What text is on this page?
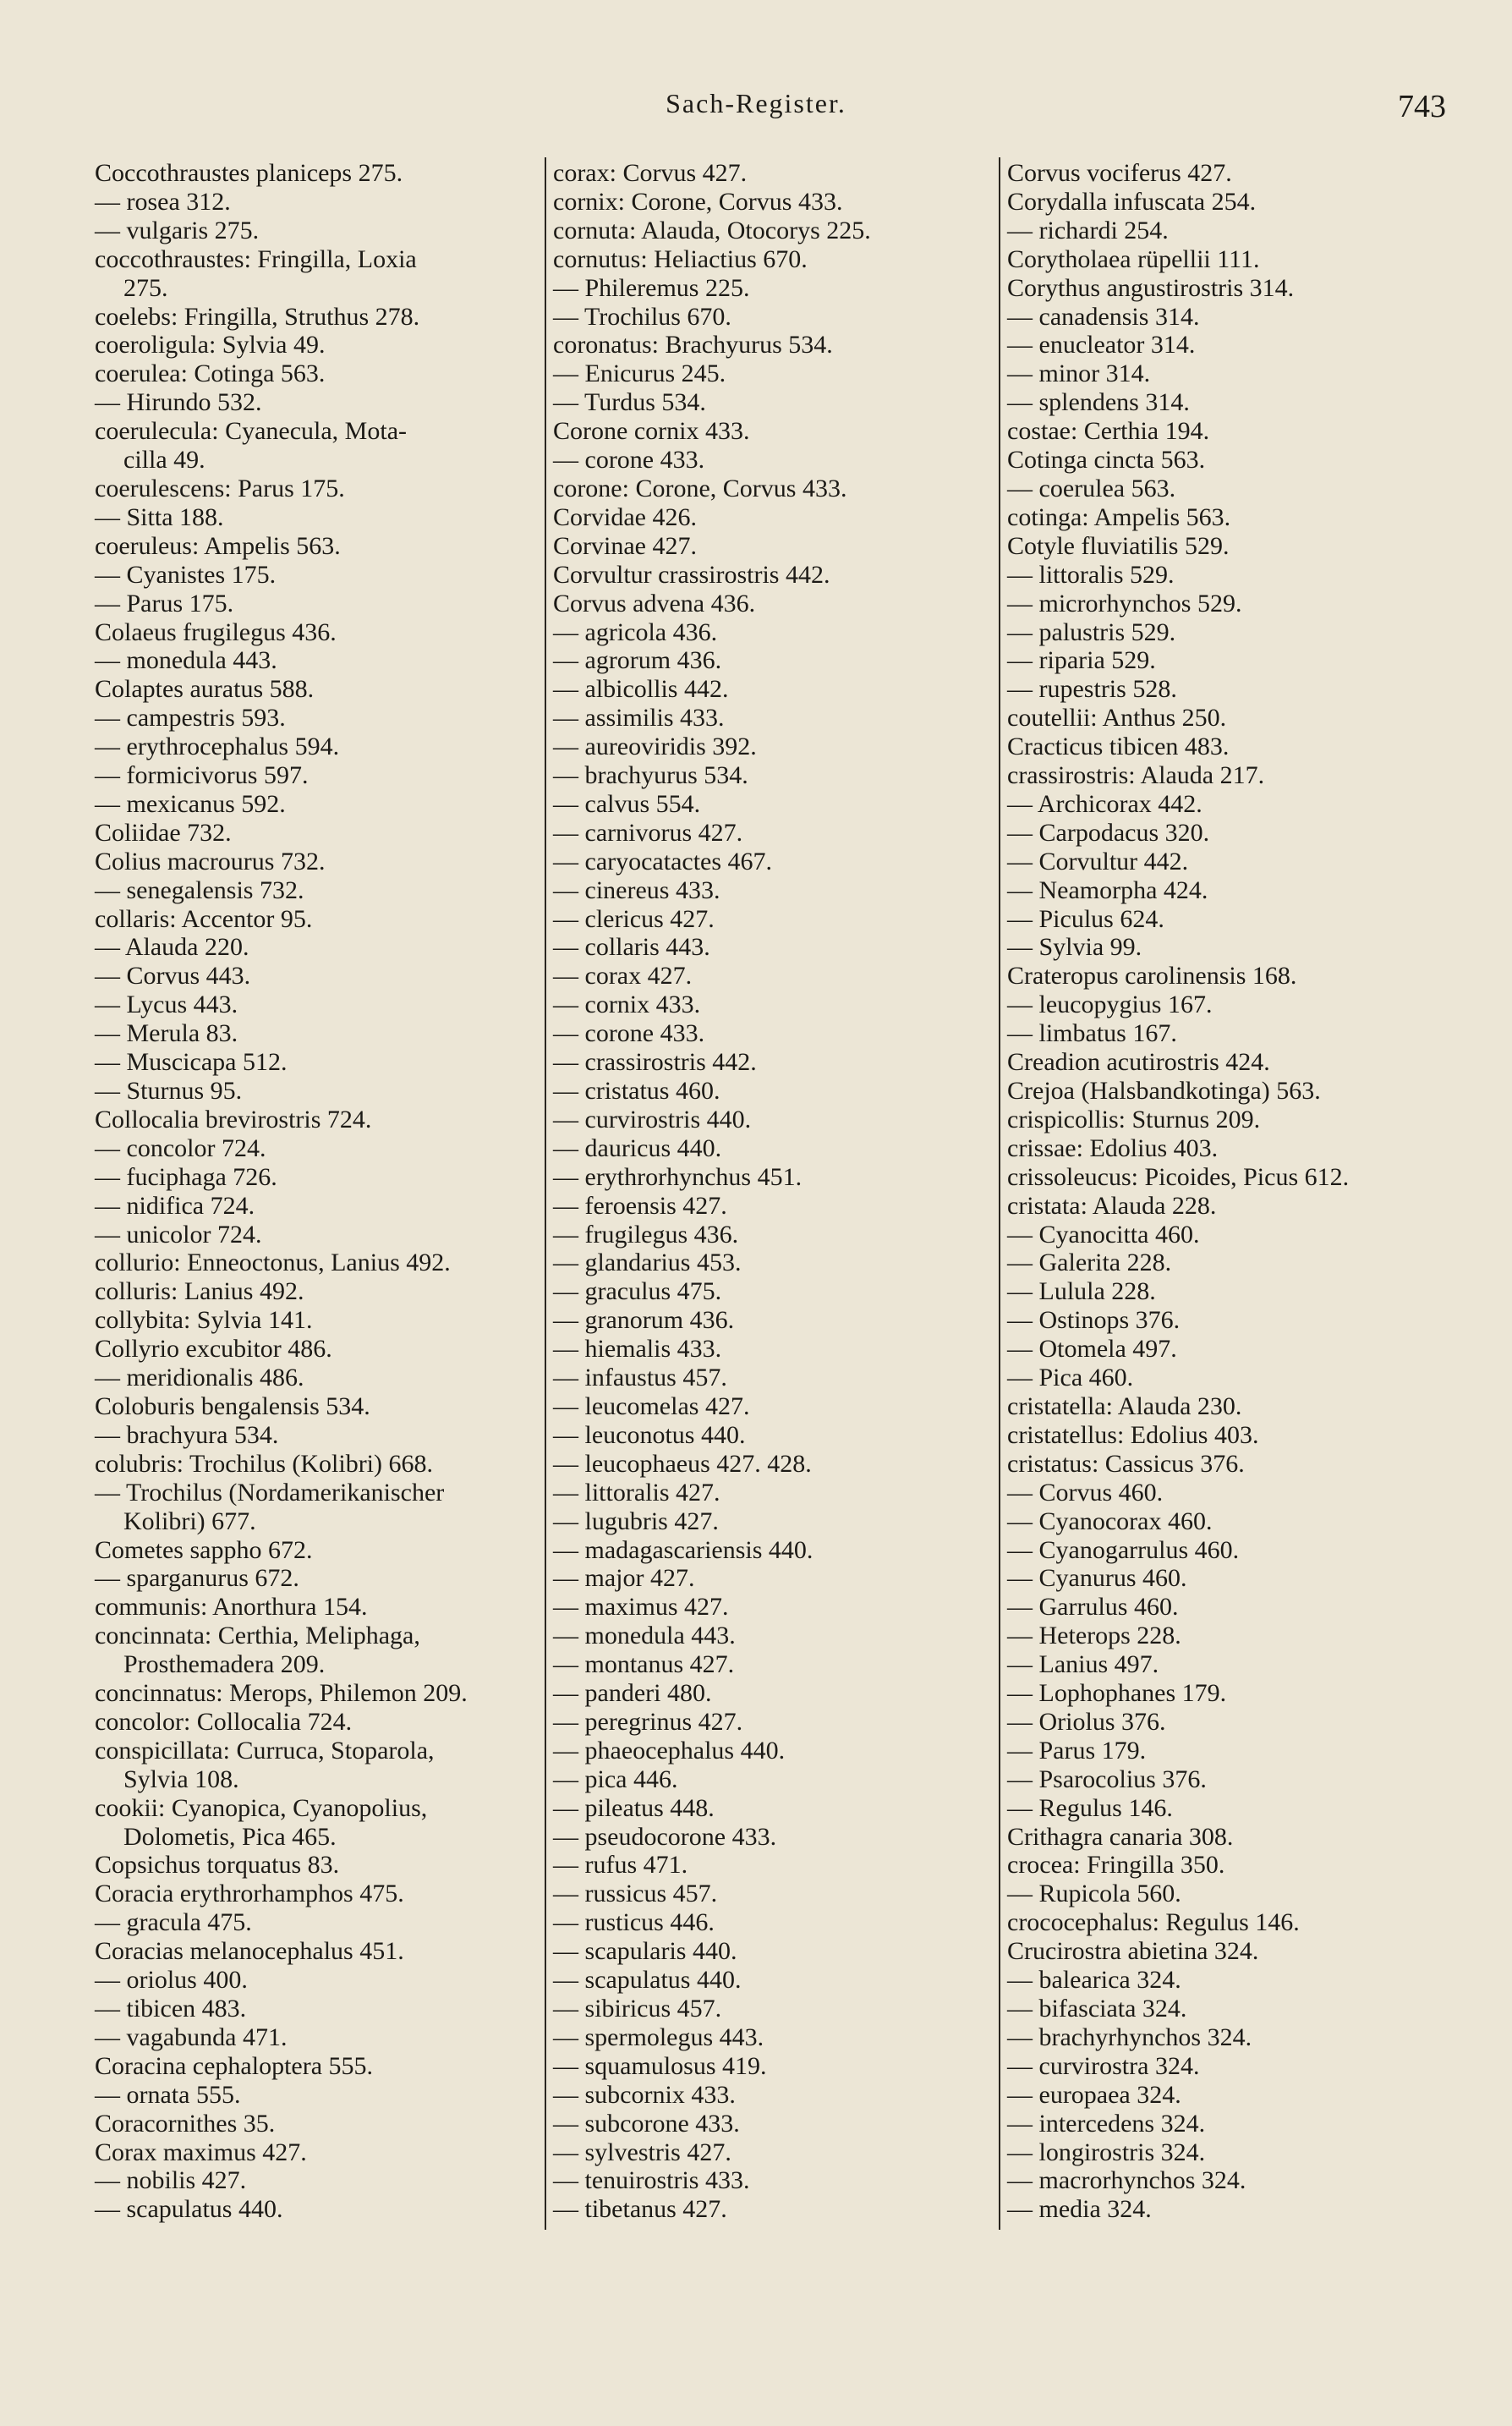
Sach-Register.	743
Coccothraustes planiceps 275.
— rosea 312.
— vulgaris 275.
coccothraustes: Fringilla, Loxia
275.
coelebs: Fringilla, Struthus 278.
coeroligula: Sylvia 49.
coerulea: Cotinga 563.
— Hirundo 532.
coerulecula: Cyanecula, Mota-
cilla 49.
coerulescens: Parus 175.
— Sitta 188.
coeruleus: Ampelis 563.
— Cyanistes 175.
— Parus 175.
Colaeus frugilegus 436.
— monedula 443.
Colaptes auratus 588.
— campestris 593.
— erythrocephalus 594.
— formicivorus 597.
— mexicanus 592.
Coliidae 732.
Colius macrourus 732.
— senegalensis 732.
collaris: Accentor 95.
— Alauda 220.
— Corvus 443.
— Lycus 443.
— Merula 83.
— Muscicapa 512.
— Sturnus 95.
Collocalia brevirostris 724.
— concolor 724.
— fuciphaga 726.
— nidifica 724.
— unicolor 724.
collurio: Enneoctonus, Lanius 492.
colluris: Lanius 492.
collybita: Sylvia 141.
Collyrio excubitor 486.
— meridionalis 486.
Coloburis bengalensis 534.
— brachyura 534.
colubris: Trochilus (Kolibri) 668.
— Trochilus (Nordamerikanischer
Kolibri) 677.
Cometes sappho 672.
— sparganurus 672.
communis: Anorthura 154.
concinnata: Certhia, Meliphaga,
Prosthemadera 209.
concinnatus: Merops, Philemon 209.
concolor: Collocalia 724.
conspicillata: Curruca, Stoparola,
Sylvia 108.
cookii: Cyanopica, Cyanopolius,
Dolometis, Pica 465.
Copsichus torquatus 83.
Coracia erythrorhamphos 475.
— gracula 475.
Coracias melanocephalus 451.
— oriolus 400.
— tibicen 483.
— vagabunda 471.
Coracina cephaloptera 555.
— ornata 555.
Coracornithes 35.
Corax maximus 427.
— nobilis 427.
— scapulatus 440.
corax: Corvus 427.
cornix: Corone, Corvus 433.
cornuta: Alauda, Otocorys 225.
cornutus: Heliactius 670.
— Phileremus 225.
— Trochilus 670.
coronatus: Brachyurus 534.
— Enicurus 245.
— Turdus 534.
Corone cornix 433.
— corone 433.
corone: Corone, Corvus 433.
Corvidae 426.
Corvinae 427.
Corvultur crassirostris 442.
Corvus advena 436.
— agricola 436.
— agrorum 436.
— albicollis 442.
— assimilis 433.
— aureoviridis 392.
— brachyurus 534.
— calvus 554.
— carnivorus 427.
— caryocatactes 467.
— cinereus 433.
— clericus 427.
— collaris 443.
— corax 427.
— cornix 433.
— corone 433.
— crassirostris 442.
— cristatus 460.
— curvirostris 440.
— dauricus 440.
— erythrorhynchus 451.
— feroensis 427.
— frugilegus 436.
— glandarius 453.
— graculus 475.
— granorum 436.
— hiemalis 433.
— infaustus 457.
— leucomelas 427.
— leuconotus 440.
— leucophaeus 427. 428.
— littoralis 427.
— lugubris 427.
— madagascariensis 440.
— major 427.
— maximus 427.
— monedula 443.
— montanus 427.
— panderi 480.
— peregrinus 427.
— phaeocephalus 440.
— pica 446.
— pileatus 448.
— pseudocorone 433.
— rufus 471.
— russicus 457.
— rusticus 446.
— scapularis 440.
— scapulatus 440.
— sibiricus 457.
— spermolegus 443.
— squamulosus 419.
— subcornix 433.
— subcorone 433.
— sylvestris 427.
— tenuirostris 433.
— tibetanus 427.
Corvus vociferus 427.
Corydalla infuscata 254.
— richardi 254.
Corytholaea rüpellii 111.
Corythus angustirostris 314.
— canadensis 314.
— enucleator 314.
— minor 314.
— splendens 314.
costae: Certhia 194.
Cotinga cincta 563.
— coerulea 563.
cotinga: Ampelis 563.
Cotyle fluviatilis 529.
— littoralis 529.
— microrhynchos 529.
— palustris 529.
— riparia 529.
— rupestris 528.
coutellii: Anthus 250.
Cracticus tibicen 483.
crassirostris: Alauda 217.
— Archicorax 442.
— Carpodacus 320.
— Corvultur 442.
— Neamorpha 424.
— Piculus 624.
— Sylvia 99.
Crateropus carolinensis 168.
— leucopygius 167.
— limbatus 167.
Creadion acutirostris 424.
Crejoa (Halsbandkotinga) 563.
crispicollis: Sturnus 209.
crissae: Edolius 403.
crissoleucus: Picoides, Picus 612.
cristata: Alauda 228.
— Cyanocitta 460.
— Galerita 228.
— Lulula 228.
— Ostinops 376.
— Otomela 497.
— Pica 460.
cristatella: Alauda 230.
cristatellus: Edolius 403.
cristatus: Cassicus 376.
— Corvus 460.
— Cyanocorax 460.
— Cyanogarrulus 460.
— Cyanurus 460.
— Garrulus 460.
— Heterops 228.
— Lanius 497.
— Lophophanes 179.
— Oriolus 376.
— Parus 179.
— Psarocolius 376.
— Regulus 146.
Crithagra canaria 308.
crocea: Fringilla 350.
— Rupicola 560.
crococephalus: Regulus 146.
Crucirostra abietina 324.
— balearica 324.
— bifasciata 324.
— brachyrhynchos 324.
— curvirostra 324.
— europaea 324.
— intercedens 324.
— longirostris 324.
— macrorhynchos 324.
— media 324.
